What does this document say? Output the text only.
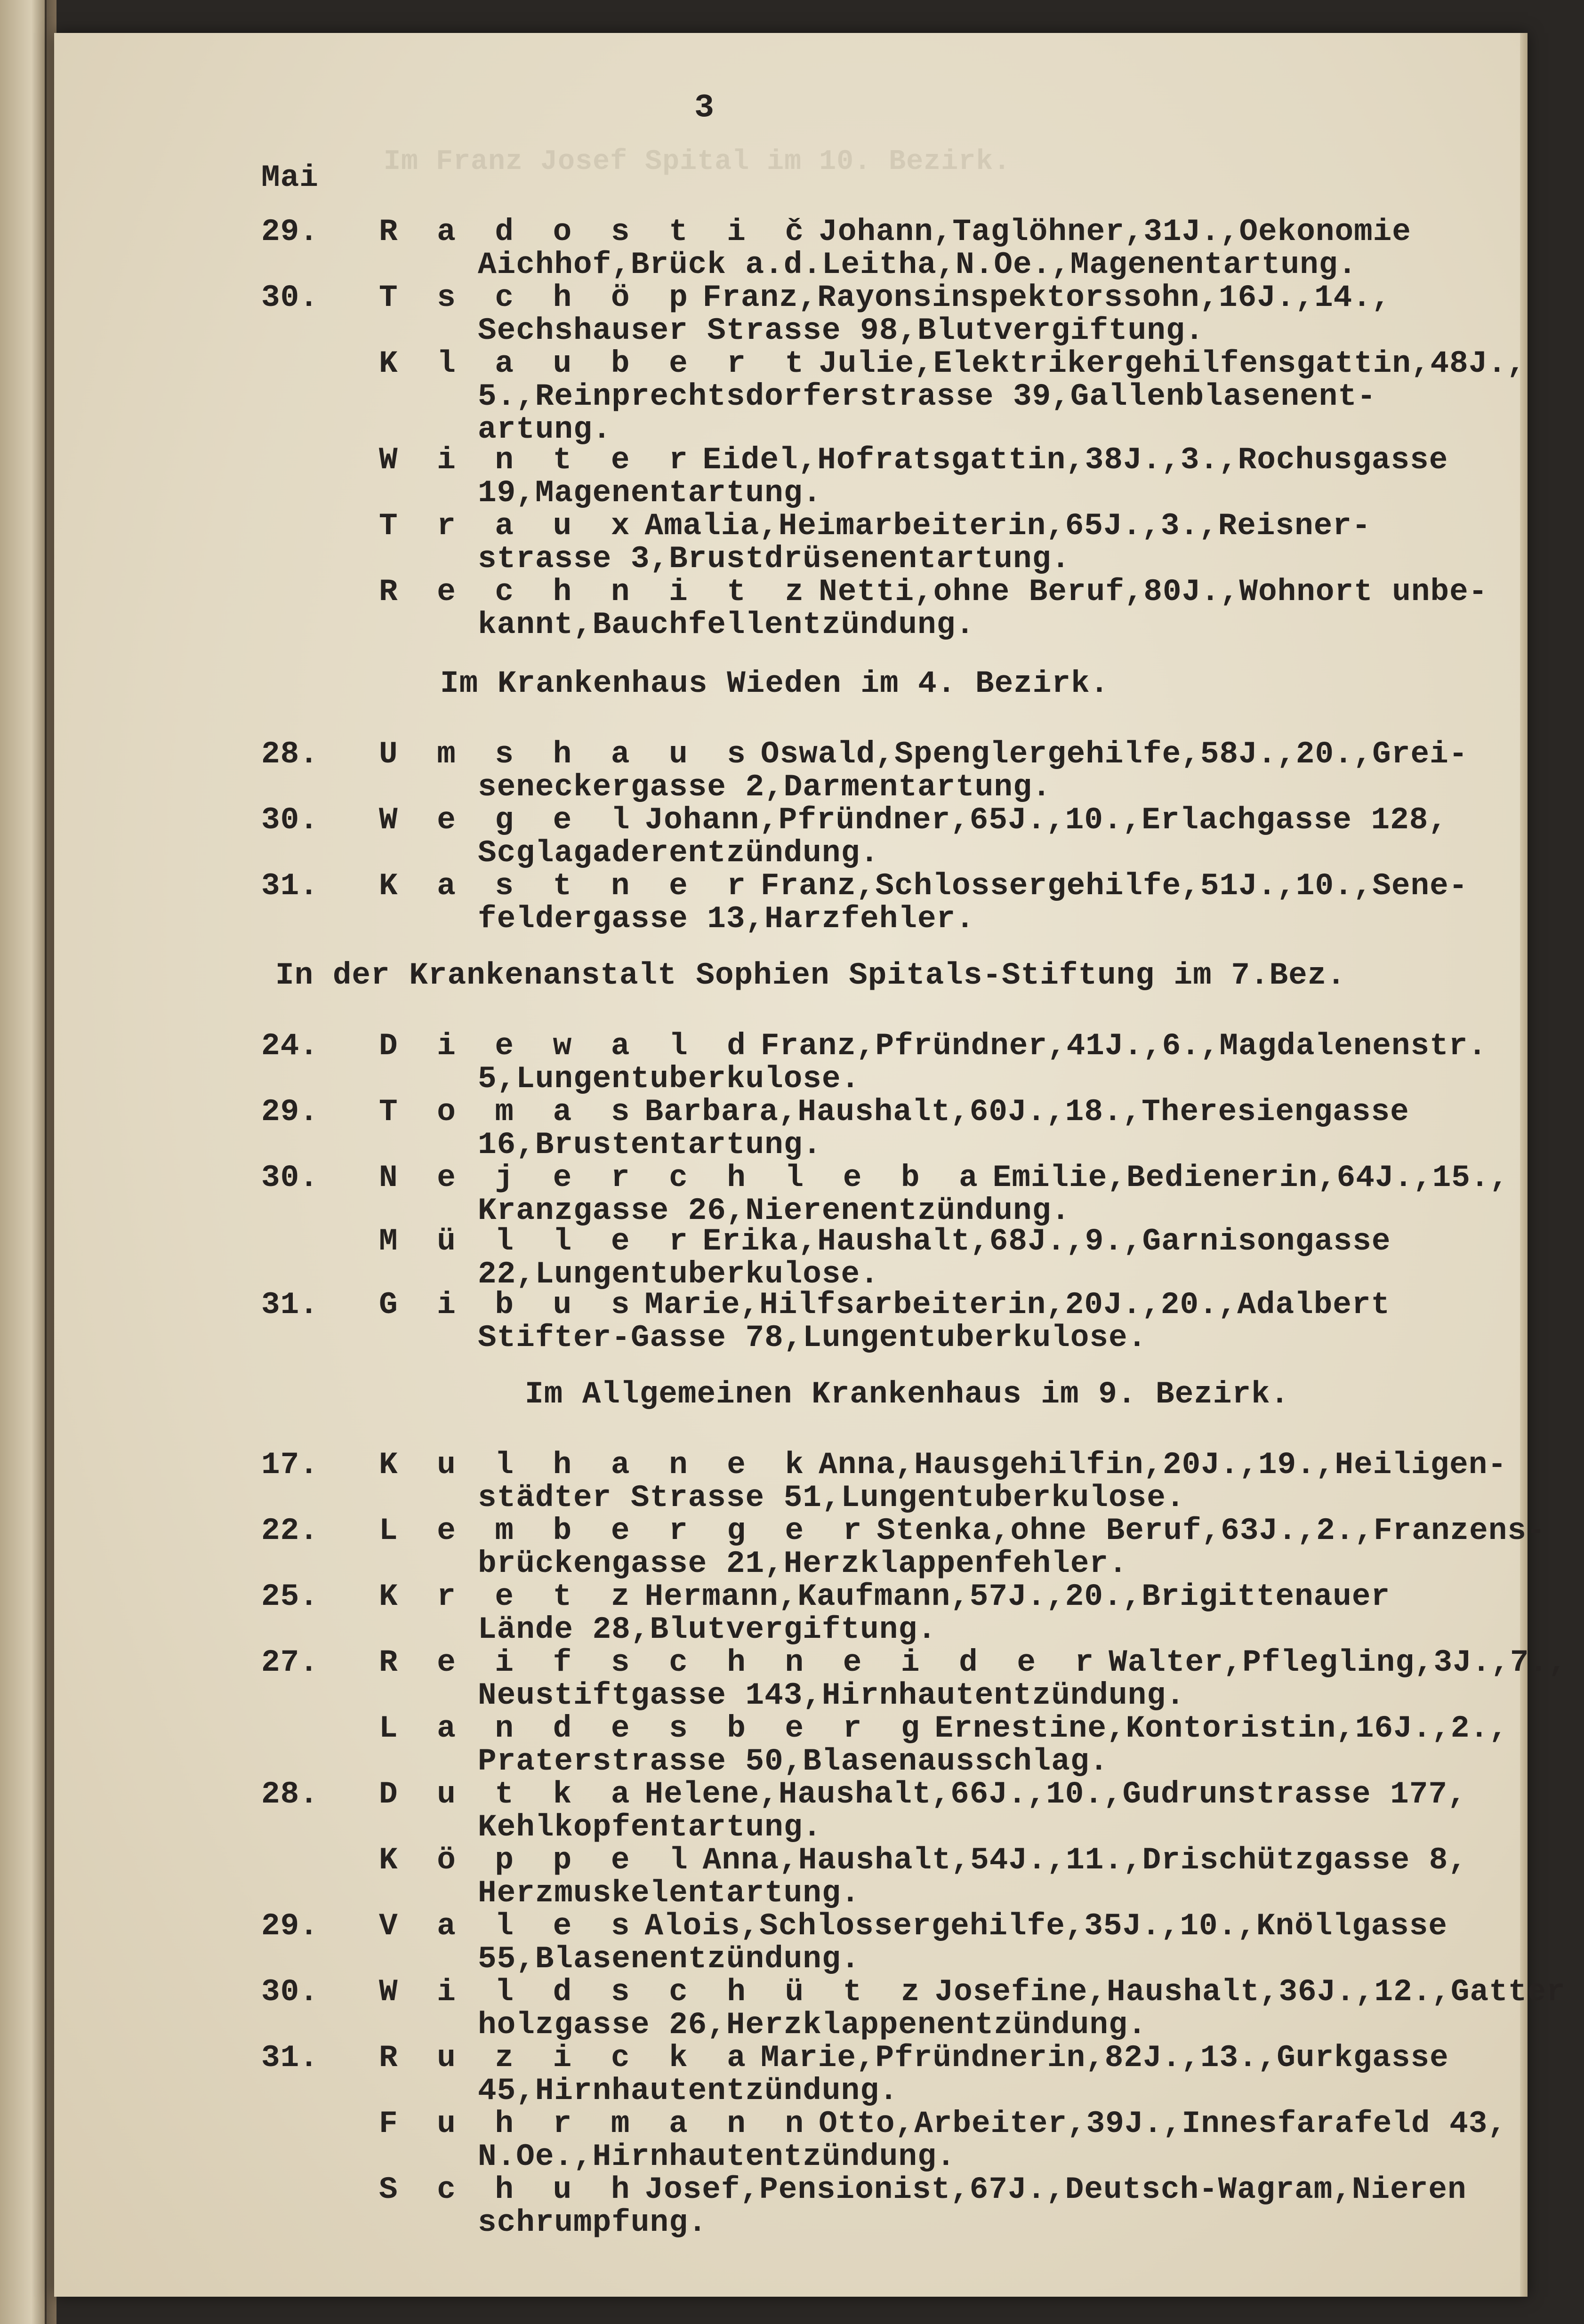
Im Franz Josef Spital im 10. Bezirk.
3
Mai
29. R a d o s t i č Johann,Taglöhner,31J.,Oekonomie
Aichhof,Brück a.d.Leitha,N.Oe.,Magenentartung.
30. T s c h ö p Franz,Rayonsinspektorssohn,16J.,14.,
Sechshauser Strasse 98,Blutvergiftung.
K l a u b e r t Julie,Elektrikergehilfensgattin,48J.,
5.,Reinprechtsdorferstrasse 39,Gallenblasenent-
artung.
W i n t e r Eidel,Hofratsgattin,38J.,3.,Rochusgasse
19,Magenentartung.
T r a u x Amalia,Heimarbeiterin,65J.,3.,Reisner-
strasse 3,Brustdrüsenentartung.
R e c h n i t z Netti,ohne Beruf,80J.,Wohnort unbe-
kannt,Bauchfellentzündung.
Im Krankenhaus Wieden im 4. Bezirk.
28. U m s h a u s Oswald,Spenglergehilfe,58J.,20.,Grei-
seneckergasse 2,Darmentartung.
30. W e g e l Johann,Pfründner,65J.,10.,Erlachgasse 128,
Scglagaderentzündung.
31. K a s t n e r Franz,Schlossergehilfe,51J.,10.,Sene-
feldergasse 13,Harzfehler.
In der Krankenanstalt Sophien Spitals-Stiftung im 7.Bez.
24. D i e w a l d Franz,Pfründner,41J.,6.,Magdalenenstr.
5,Lungentuberkulose.
29. T o m a s Barbara,Haushalt,60J.,18.,Theresiengasse
16,Brustentartung.
30. N e j e r c h l e b a Emilie,Bedienerin,64J.,15.,
Kranzgasse 26,Nierenentzündung.
M ü l l e r Erika,Haushalt,68J.,9.,Garnisongasse
22,Lungentuberkulose.
31. G i b u s Marie,Hilfsarbeiterin,20J.,20.,Adalbert
Stifter-Gasse 78,Lungentuberkulose.
Im Allgemeinen Krankenhaus im 9. Bezirk.
17. K u l h a n e k Anna,Hausgehilfin,20J.,19.,Heiligen-
städter Strasse 51,Lungentuberkulose.
22. L e m b e r g e r Stenka,ohne Beruf,63J.,2.,Franzens-
brückengasse 21,Herzklappenfehler.
25. K r e t z Hermann,Kaufmann,57J.,20.,Brigittenauer
Lände 28,Blutvergiftung.
27. R e i f s c h n e i d e r Walter,Pflegling,3J.,7.,
Neustiftgasse 143,Hirnhautentzündung.
L a n d e s b e r g Ernestine,Kontoristin,16J.,2.,
Praterstrasse 50,Blasenausschlag.
28. D u t k a Helene,Haushalt,66J.,10.,Gudrunstrasse 177,
Kehlkopfentartung.
K ö p p e l Anna,Haushalt,54J.,11.,Drischützgasse 8,
Herzmuskelentartung.
29. V a l e s Alois,Schlossergehilfe,35J.,10.,Knöllgasse
55,Blasenentzündung.
30. W i l d s c h ü t z Josefine,Haushalt,36J.,12.,Gatter
holzgasse 26,Herzklappenentzündung.
31. R u z i c k a Marie,Pfründnerin,82J.,13.,Gurkgasse
45,Hirnhautentzündung.
F u h r m a n n Otto,Arbeiter,39J.,Innesfarafeld 43,
N.Oe.,Hirnhautentzündung.
S c h u h Josef,Pensionist,67J.,Deutsch-Wagram,Nieren
schrumpfung.
